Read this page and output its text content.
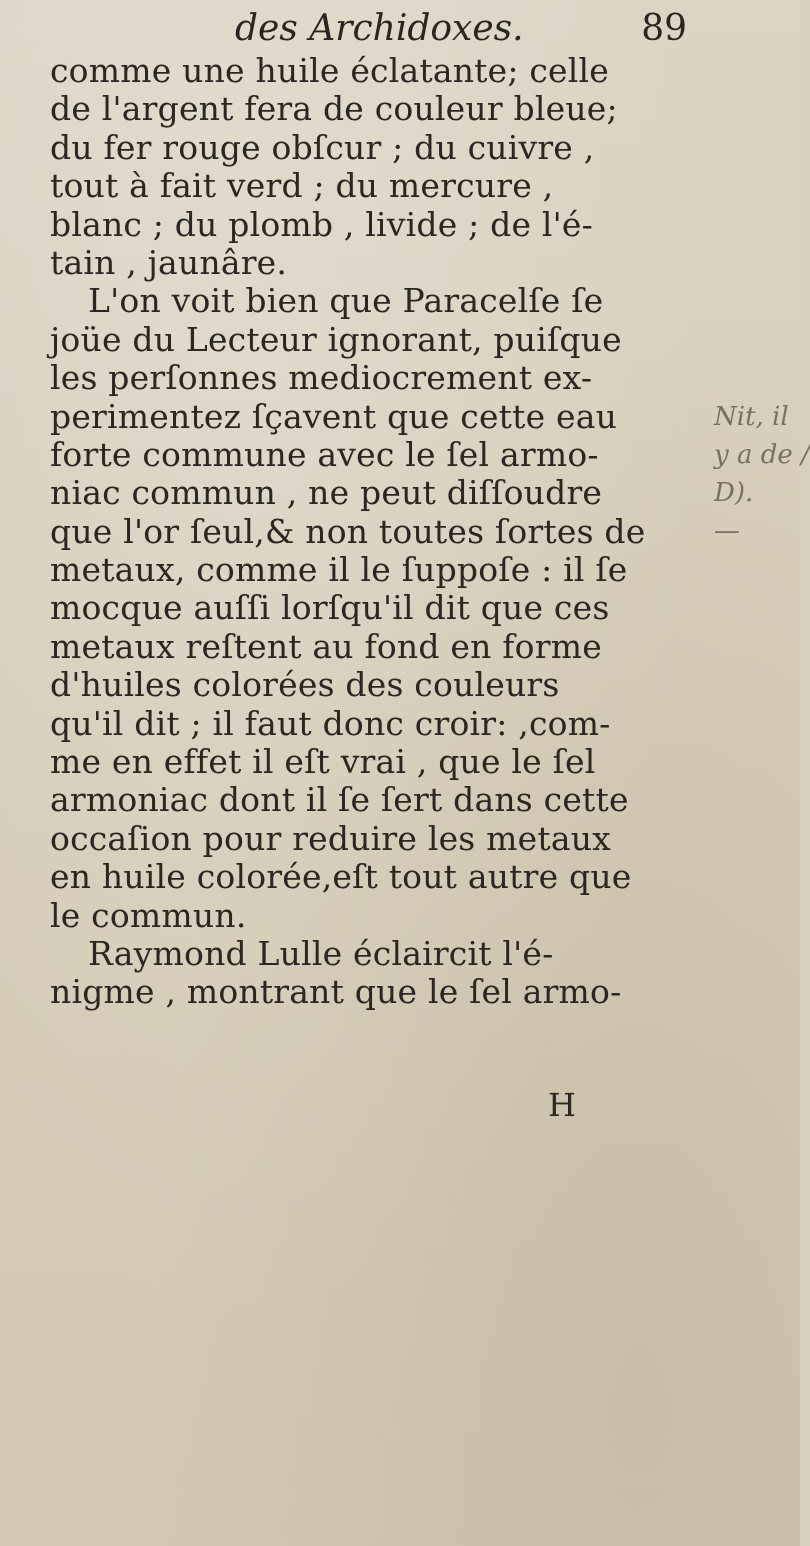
des Archidoxes.	89
comme une huile éclatante; celle
de l'argent fera de couleur bleue;
du fer rouge obſcur ; du cuivre ,
tout à fait verd ; du mercure ,
blanc ; du plomb , livide ; de l'é-
tain , jaunâre.
L'on voit bien que Paracelſe ſe
joüe du Lecteur ignorant, puiſque
les perſonnes mediocrement ex-
perimentez ſçavent que cette eau
forte commune avec le ſel armo-
niac commun , ne peut diſſoudre
que l'or ſeul,& non toutes ſortes de
metaux, comme il le ſuppoſe : il ſe
mocque auſſi lorſqu'il dit que ces
metaux reſtent au fond en forme
d'huiles colorées des couleurs
qu'il dit ; il faut donc croir: ,com-
me en effet il eſt vrai , que le ſel
armoniac dont il ſe ſert dans cette
occaſion pour reduire les metaux
en huile colorée,eſt tout autre que
le commun.
Raymond Lulle éclaircit l'é-
nigme , montrant que le ſel armo-
Nit, il
y a de /
D).
—
H
